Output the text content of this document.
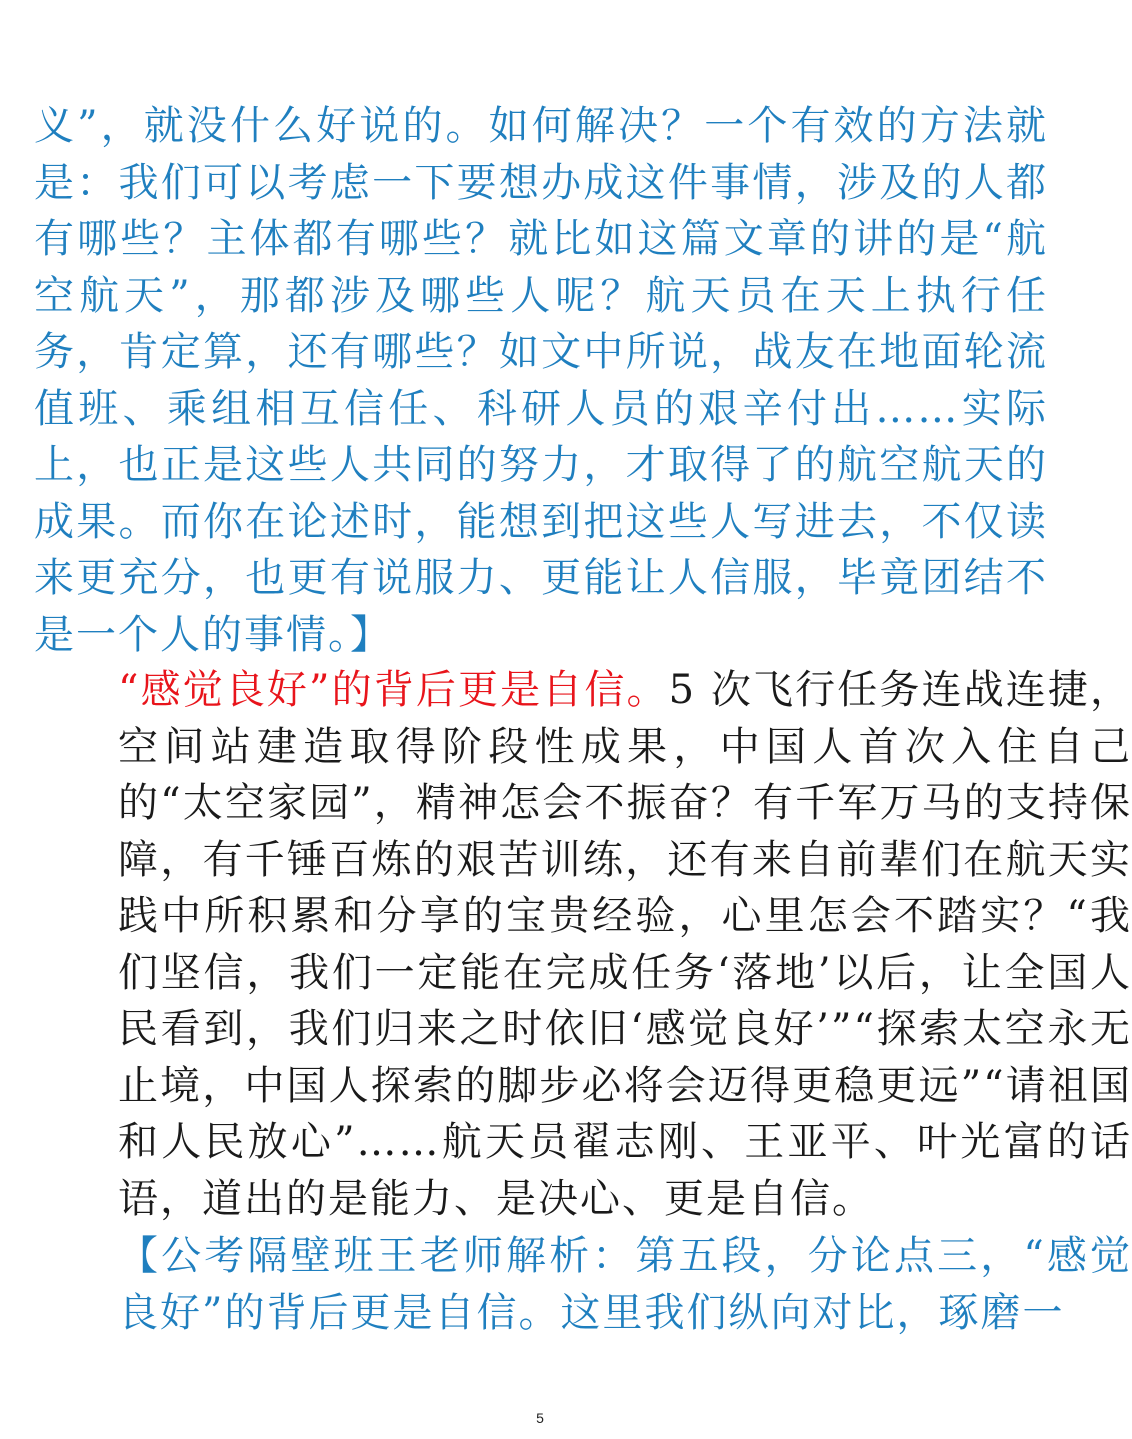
义”，就没什么好说的。如何解决？一个有效的方法就是：我们可以考虑一下要想办成这件事情，涉及的人都有哪些？主体都有哪些？就比如这篇文章的讲的是“航空航天”，那都涉及哪些人呢？航天员在天上执行任务，肯定算，还有哪些？如文中所说，战友在地面轮流值班、乘组相互信任、科研人员的艰辛付出……实际上，也正是这些人共同的努力，才取得了的航空航天的成果。而你在论述时，能想到把这些人写进去，不仅读来更充分，也更有说服力、更能让人信服，毕竟团结不是一个人的事情。】

“感觉良好”的背后更是自信。5 次飞行任务连战连捷，空间站建造取得阶段性成果，中国人首次入住自己的“太空家园”，精神怎会不振奋？有千军万马的支持保障，有千锤百炼的艰苦训练，还有来自前辈们在航天实践中所积累和分享的宝贵经验，心里怎会不踏实？“我们坚信，我们一定能在完成任务‘落地’以后，让全国人民看到，我们归来之时依旧‘感觉良好’”“探索太空永无止境，中国人探索的脚步必将会迈得更稳更远”“请祖国和人民放心”……航天员翟志刚、王亚平、叶光富的话语，道出的是能力、是决心、更是自信。

【公考隔壁班王老师解析：第五段，分论点三，“感觉良好”的背后更是自信。这里我们纵向对比，琢磨一

5
